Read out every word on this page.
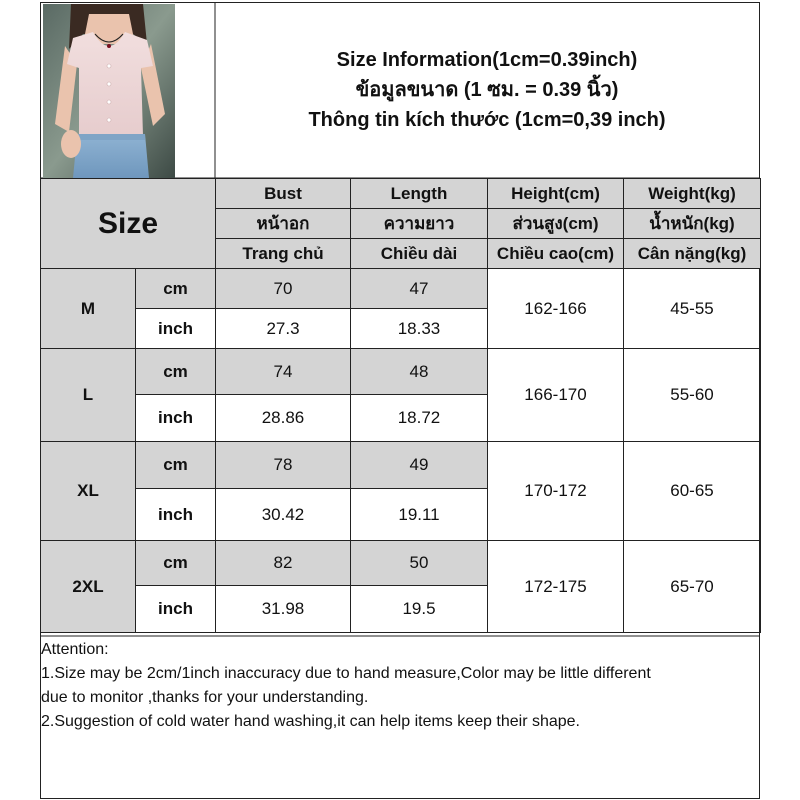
Size Information(1cm=0.39inch)
ข้อมูลขนาด (1 ซม. = 0.39 นิ้ว)
Thông tin kích thước (1cm=0,39 inch)
Size		Bust	Length	Height(cm)	Weight(kg)
		หน้าอก	ความยาว	ส่วนสูง(cm)	น้ำหนัก(kg)
		Trang chủ	Chiều dài	Chiều cao(cm)	Cân nặng(kg)
M	cm	70	47	162-166	45-55
	inch	27.3	18.33		
L	cm	74	48	166-170	55-60
	inch	28.86	18.72		
XL	cm	78	49	170-172	60-65
	inch	30.42	19.11		
2XL	cm	82	50	172-175	65-70
	inch	31.98	19.5		
Attention:
1.Size may be 2cm/1inch inaccuracy due to hand measure,Color may be little different
due to monitor ,thanks for your understanding.
2.Suggestion of cold water hand washing,it can help items keep their shape.
